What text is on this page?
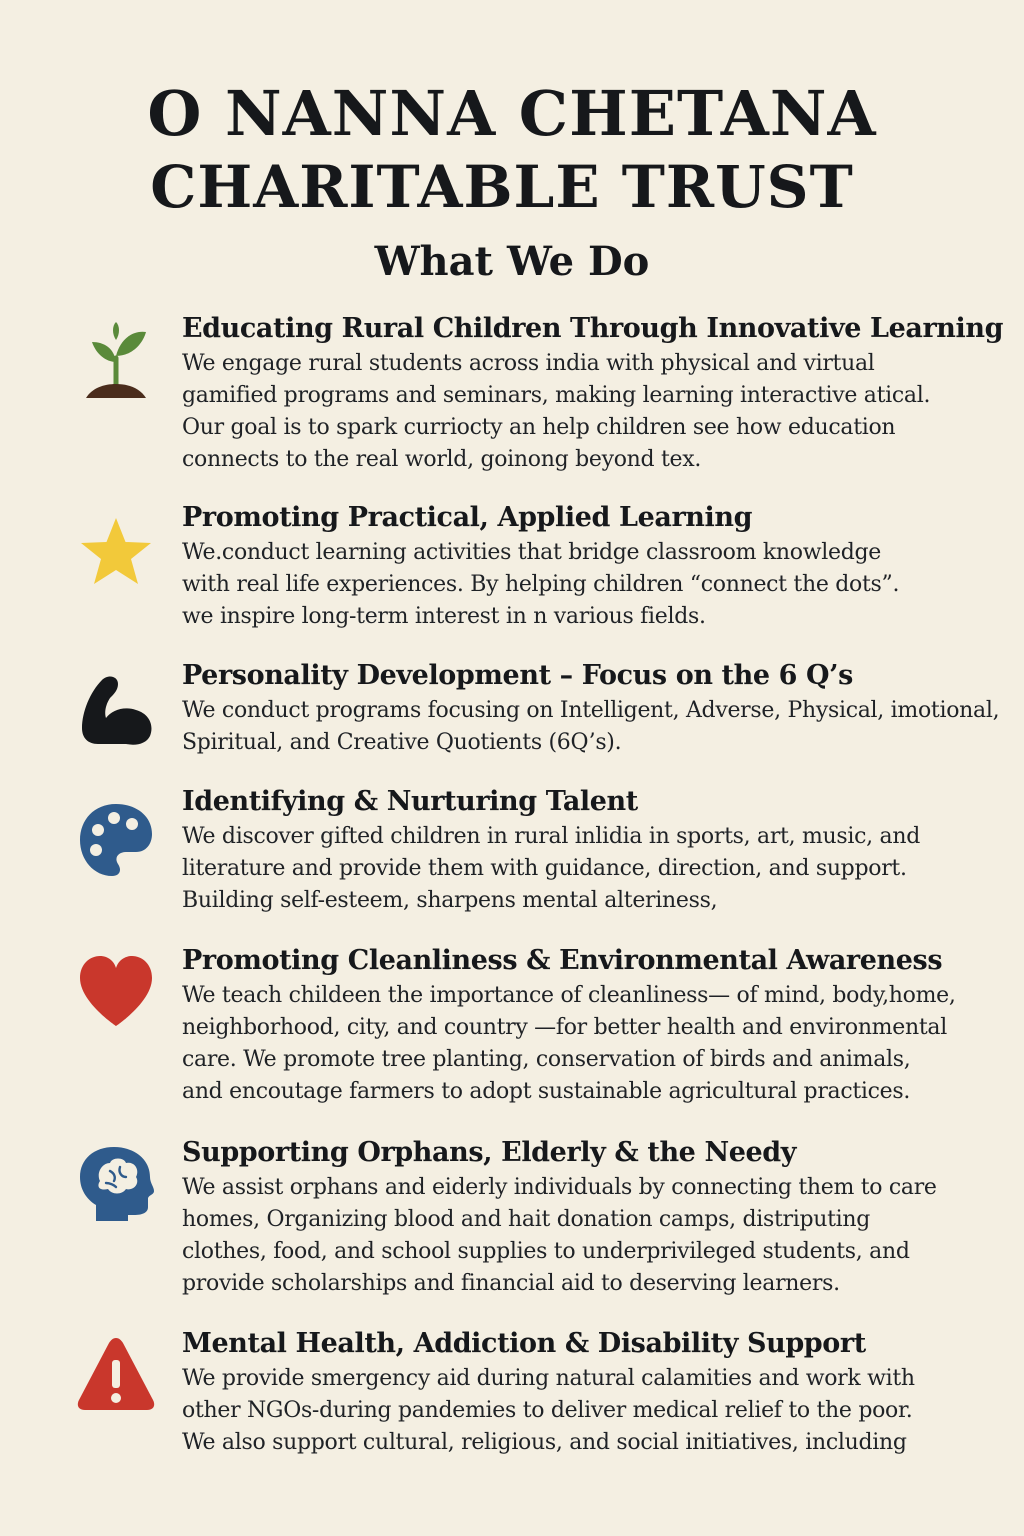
O NANNA CHETANA
CHARITABLE TRUST
What We Do
Educating Rural Children Through Innovative Learning

We engage rural students across india with physical and virtual
gamified programs and seminars, making learning interactive atical.
Our goal is to spark curriocty an help children see how education
connects to the real world, goinong beyond tex.

Promoting Practical, Applied Learning

We.conduct learning activities that bridge classroom knowledge
with real life experiences. By helping children “connect the dots”.
we inspire long-term interest in n various fields.

Personality Development – Focus on the 6 Q’s

We conduct programs focusing on Intelligent, Adverse, Physical, imotional,
Spiritual, and Creative Quotients (6Q’s).

Identifying & Nurturing Talent

We discover gifted children in rural inlidia in sports, art, music, and
literature and provide them with guidance, direction, and support.
Building self-esteem, sharpens mental alteriness,

Promoting Cleanliness & Environmental Awareness

We teach childeen the importance of cleanliness— of mind, body,home,
neighborhood, city, and country —for better health and environmental
care. We promote tree planting, conservation of birds and animals,
and encoutage farmers to adopt sustainable agricultural practices.

Supporting Orphans, Elderly & the Needy

We assist orphans and eiderly individuals by connecting them to care
homes, Organizing blood and hait donation camps, distriputing
clothes, food, and school supplies to underprivileged students, and
provide scholarships and financial aid to deserving learners.

Mental Health, Addiction & Disability Support

We provide smergency aid during natural calamities and work with
other NGOs-during pandemies to deliver medical relief to the poor.
We also support cultural, religious, and social initiatives, including
